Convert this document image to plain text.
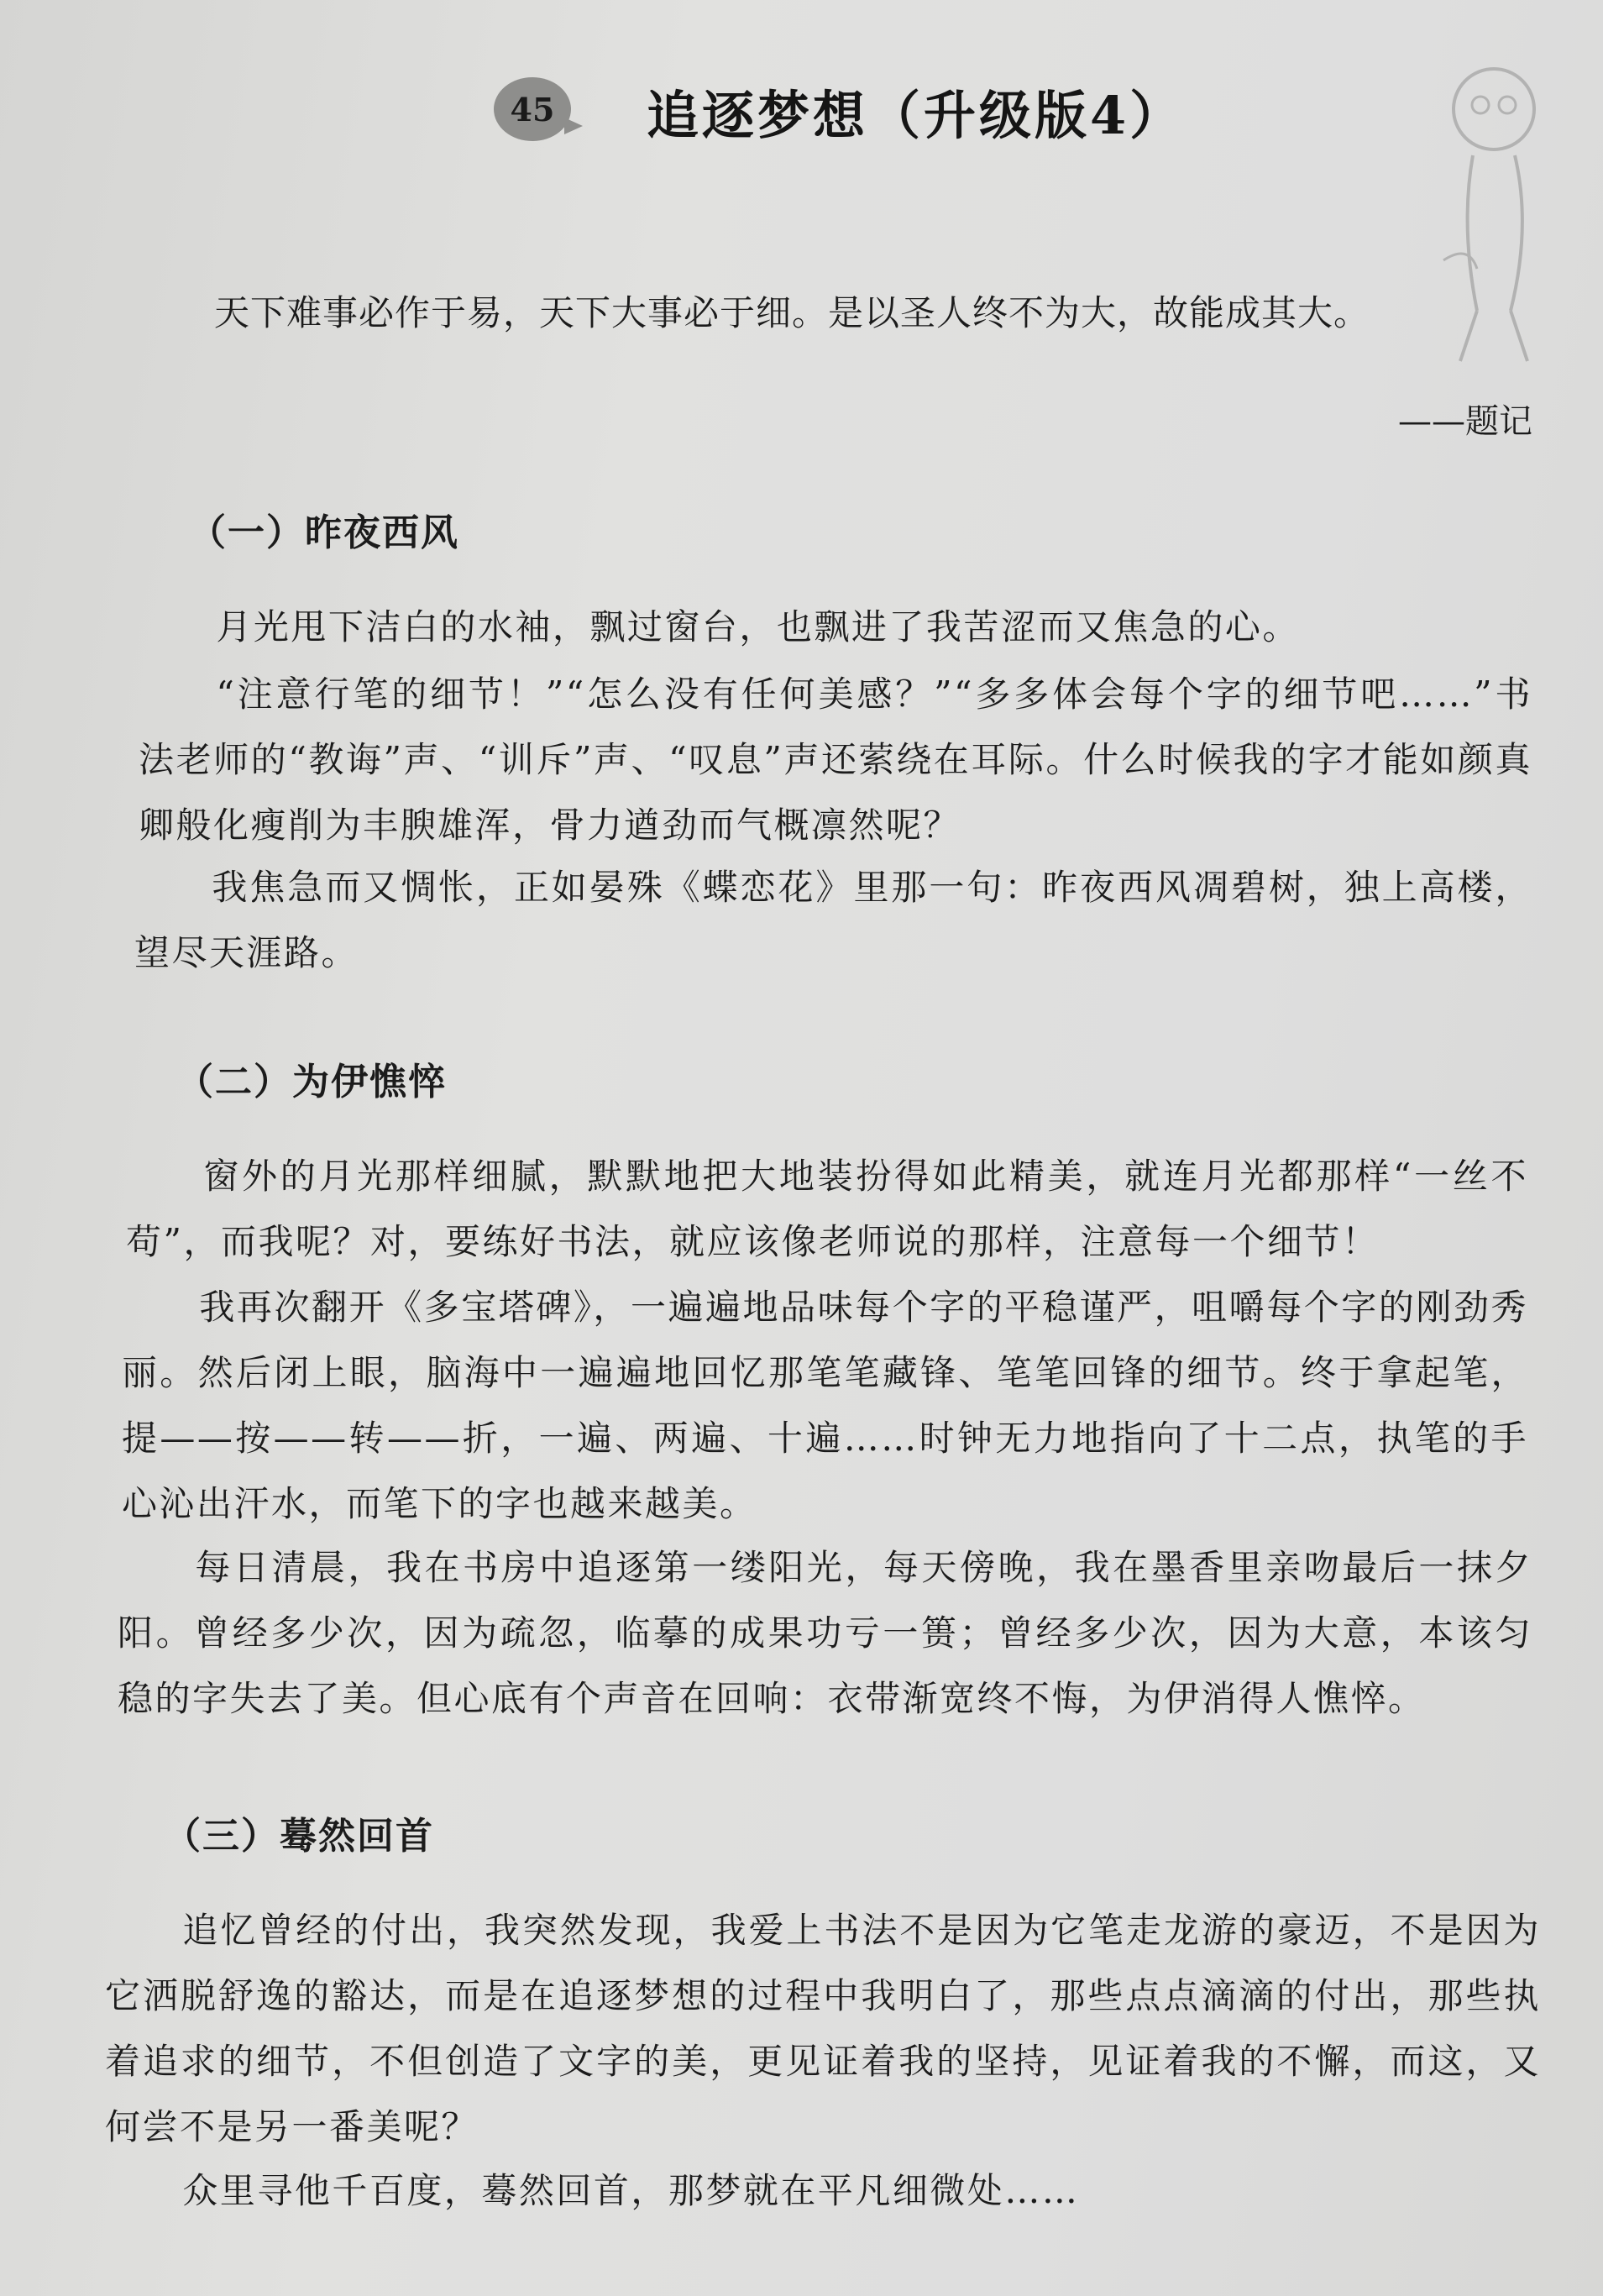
45 追逐梦想（升级版4）
天下难事必作于易，天下大事必于细。是以圣人终不为大，故能成其大。
——题记
（一）昨夜西风
月光甩下洁白的水袖，飘过窗台，也飘进了我苦涩而又焦急的心。
“注意行笔的细节！”“怎么没有任何美感？”“多多体会每个字的细节吧……”书法老师的“教诲”声、“训斥”声、“叹息”声还萦绕在耳际。什么时候我的字才能如颜真卿般化瘦削为丰腴雄浑，骨力遒劲而气概凛然呢？
我焦急而又惆怅，正如晏殊《蝶恋花》里那一句：昨夜西风凋碧树，独上高楼，望尽天涯路。
（二）为伊憔悴
窗外的月光那样细腻，默默地把大地装扮得如此精美，就连月光都那样“一丝不苟”，而我呢？对，要练好书法，就应该像老师说的那样，注意每一个细节！
我再次翻开《多宝塔碑》，一遍遍地品味每个字的平稳谨严，咀嚼每个字的刚劲秀丽。然后闭上眼，脑海中一遍遍地回忆那笔笔藏锋、笔笔回锋的细节。终于拿起笔，提——按——转——折，一遍、两遍、十遍……时钟无力地指向了十二点，执笔的手心沁出汗水，而笔下的字也越来越美。
每日清晨，我在书房中追逐第一缕阳光，每天傍晚，我在墨香里亲吻最后一抹夕阳。曾经多少次，因为疏忽，临摹的成果功亏一篑；曾经多少次，因为大意，本该匀稳的字失去了美。但心底有个声音在回响：衣带渐宽终不悔，为伊消得人憔悴。
（三）蓦然回首
追忆曾经的付出，我突然发现，我爱上书法不是因为它笔走龙游的豪迈，不是因为它洒脱舒逸的豁达，而是在追逐梦想的过程中我明白了，那些点点滴滴的付出，那些执着追求的细节，不但创造了文字的美，更见证着我的坚持，见证着我的不懈，而这，又何尝不是另一番美呢？
众里寻他千百度，蓦然回首，那梦就在平凡细微处……
